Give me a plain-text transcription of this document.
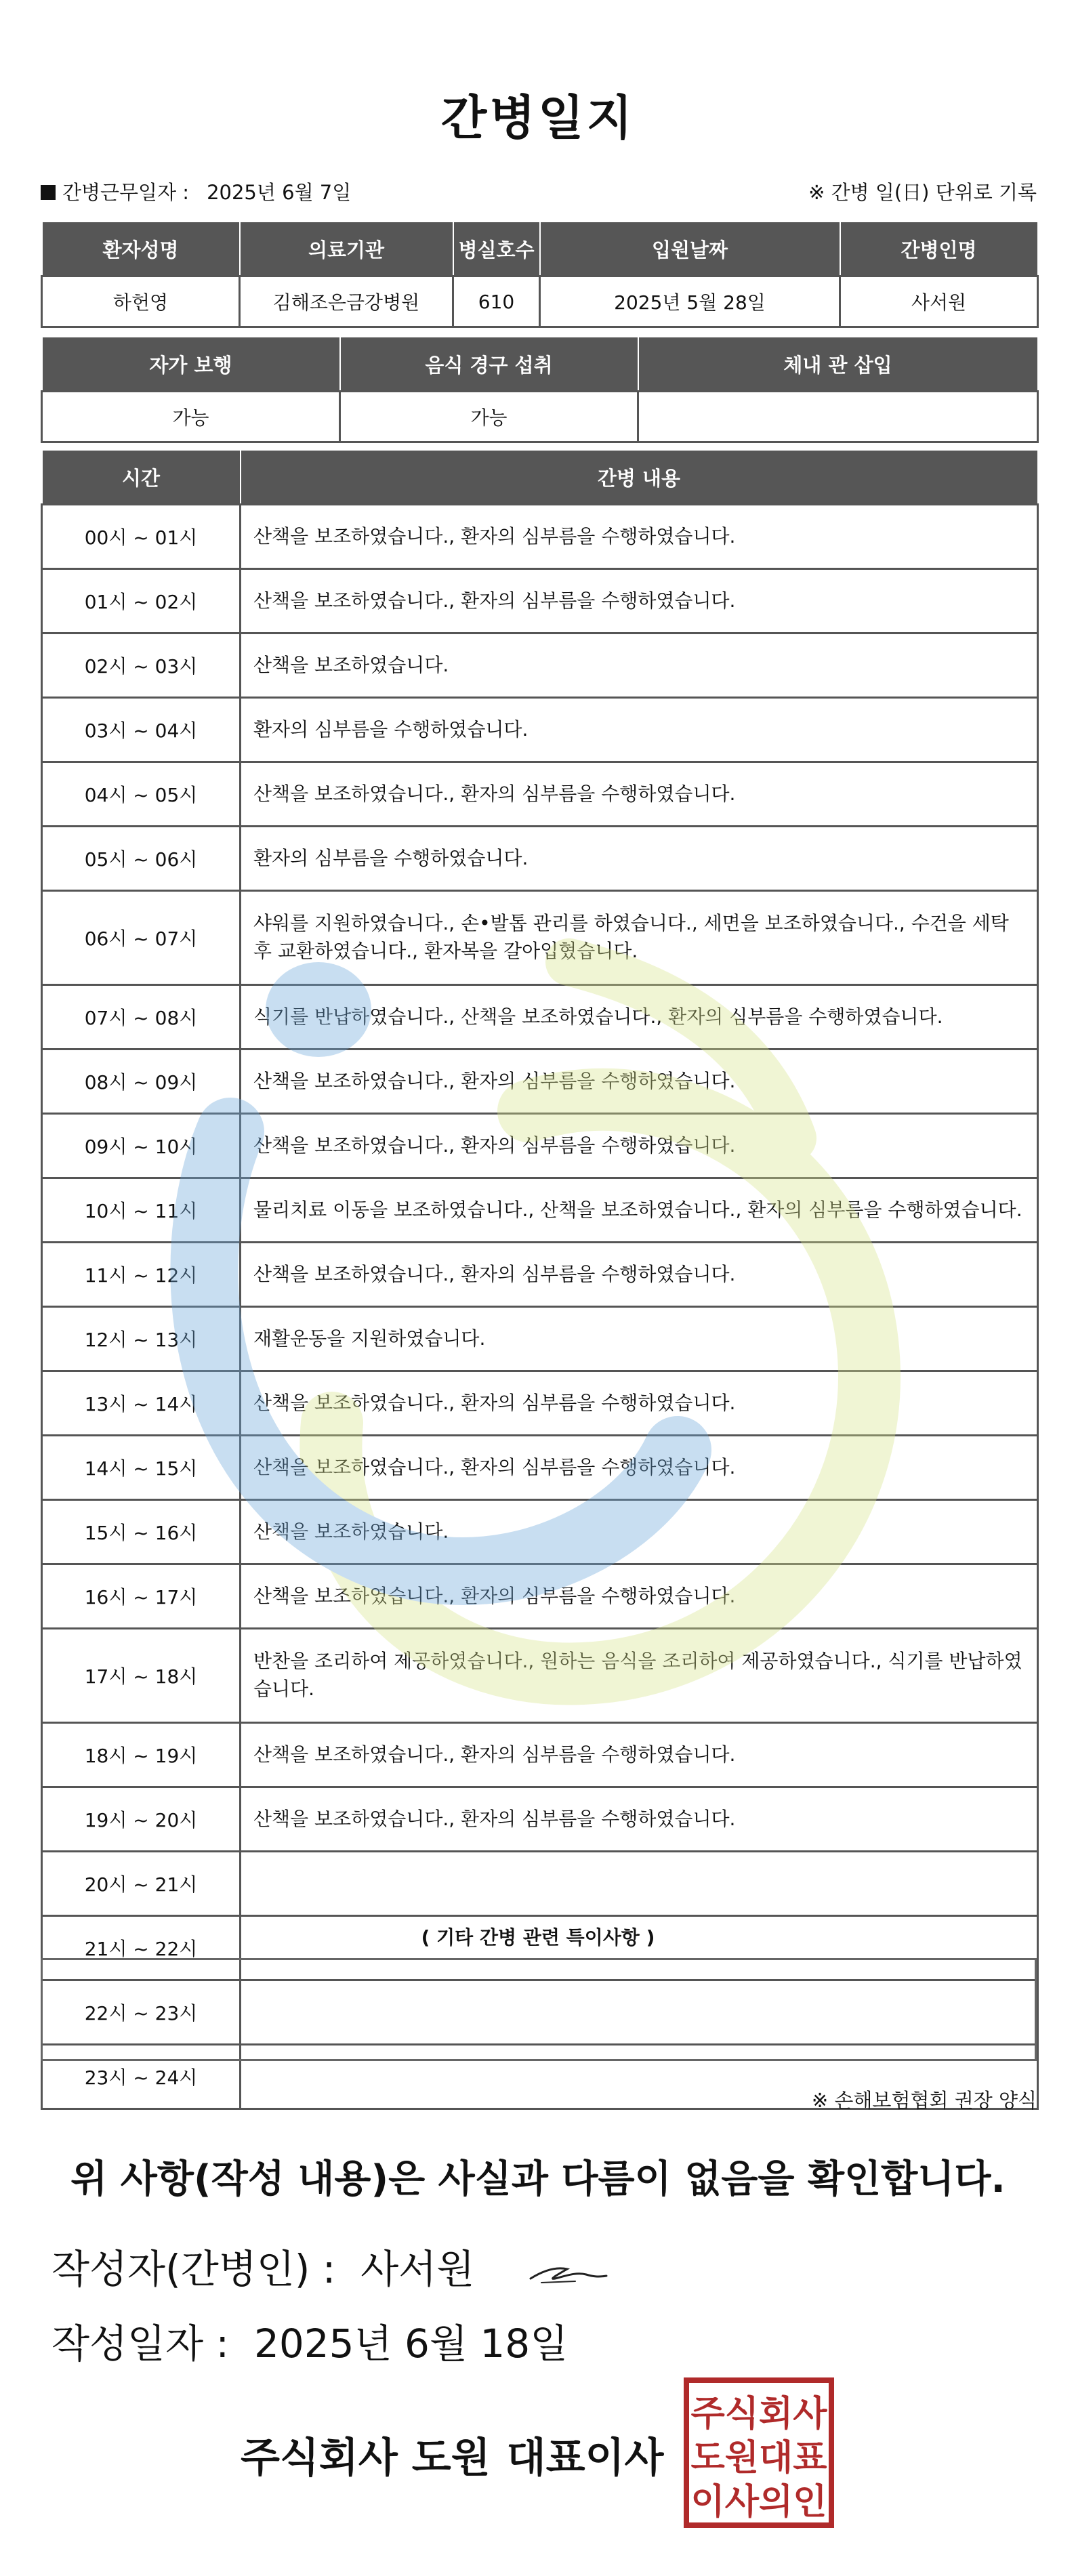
간병일지
간병근무일자 : 2025년 6월 7일	※ 간병 일(日) 단위로 기록
환자성명	의료기관	병실호수	입원날짜	간병인명
하헌영	김해조은금강병원	610	2025년 5월 28일	사서원
자가 보행	음식 경구 섭취	체내 관 삽입
가능	가능	
시간	간병 내용
00시 ~ 01시	산책을 보조하였습니다., 환자의 심부름을 수행하였습니다.
01시 ~ 02시	산책을 보조하였습니다., 환자의 심부름을 수행하였습니다.
02시 ~ 03시	산책을 보조하였습니다.
03시 ~ 04시	환자의 심부름을 수행하였습니다.
04시 ~ 05시	산책을 보조하였습니다., 환자의 심부름을 수행하였습니다.
05시 ~ 06시	환자의 심부름을 수행하였습니다.
06시 ~ 07시	샤워를 지원하였습니다., 손•발톱 관리를 하였습니다., 세면을 보조하였습니다., 수건을 세탁 후 교환하였습니다., 환자복을 갈아입혔습니다.
07시 ~ 08시	식기를 반납하였습니다., 산책을 보조하였습니다., 환자의 심부름을 수행하였습니다.
08시 ~ 09시	산책을 보조하였습니다., 환자의 심부름을 수행하였습니다.
09시 ~ 10시	산책을 보조하였습니다., 환자의 심부름을 수행하였습니다.
10시 ~ 11시	물리치료 이동을 보조하였습니다., 산책을 보조하였습니다., 환자의 심부름을 수행하였습니다.
11시 ~ 12시	산책을 보조하였습니다., 환자의 심부름을 수행하였습니다.
12시 ~ 13시	재활운동을 지원하였습니다.
13시 ~ 14시	산책을 보조하였습니다., 환자의 심부름을 수행하였습니다.
14시 ~ 15시	산책을 보조하였습니다., 환자의 심부름을 수행하였습니다.
15시 ~ 16시	산책을 보조하였습니다.
16시 ~ 17시	산책을 보조하였습니다., 환자의 심부름을 수행하였습니다.
17시 ~ 18시	반찬을 조리하여 제공하였습니다., 원하는 음식을 조리하여 제공하였습니다., 식기를 반납하였습니다.
18시 ~ 19시	산책을 보조하였습니다., 환자의 심부름을 수행하였습니다.
19시 ~ 20시	산책을 보조하였습니다., 환자의 심부름을 수행하였습니다.
20시 ~ 21시	
21시 ~ 22시	
22시 ~ 23시	
23시 ~ 24시	
( 기타 간병 관련 특이사항 )
※ 손해보험협회 권장 양식
위 사항(작성 내용)은 사실과 다름이 없음을 확인합니다.
작성자(간병인) : 사서원
작성일자 : 2025년 6월 18일
주식회사 도원 대표이사
주식회사
도원대표
이사의인
